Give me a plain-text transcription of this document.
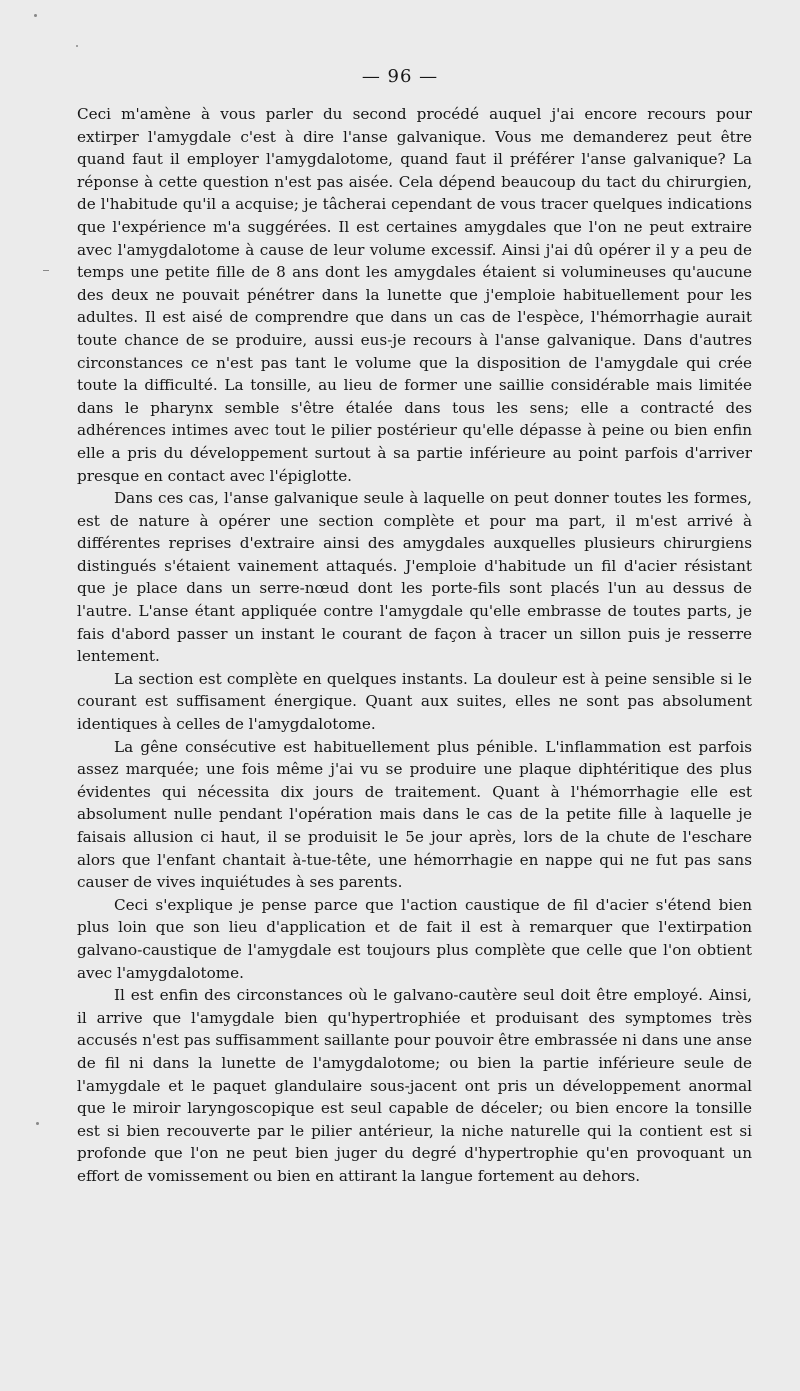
— 96 —

Ceci m'amène à vous parler du second procédé auquel j'ai encore recours pour extirper l'amygdale c'est à dire l'anse galvanique. Vous me demanderez peut être quand faut il employer l'amygdalotome, quand faut il préférer l'anse galvanique? La réponse à cette question n'est pas aisée. Cela dépend beaucoup du tact du chirurgien, de l'habitude qu'il a acquise; je tâcherai cependant de vous tracer quelques indications que l'expérience m'a suggérées. Il est certaines amygdales que l'on ne peut extraire avec l'amygdalotome à cause de leur volume excessif. Ainsi j'ai dû opérer il y a peu de temps une petite fille de 8 ans dont les amygdales étaient si volumineuses qu'aucune des deux ne pouvait pénétrer dans la lunette que j'emploie habituellement pour les adultes. Il est aisé de comprendre que dans un cas de l'espèce, l'hémorrhagie aurait toute chance de se produire, aussi eus-je recours à l'anse galvanique. Dans d'autres circonstances ce n'est pas tant le volume que la disposition de l'amygdale qui crée toute la difficulté. La tonsille, au lieu de former une saillie considérable mais limitée dans le pharynx semble s'être étalée dans tous les sens; elle a contracté des adhérences intimes avec tout le pilier postérieur qu'elle dépasse à peine ou bien enfin elle a pris du développement surtout à sa partie inférieure au point parfois d'arriver presque en contact avec l'épiglotte.

Dans ces cas, l'anse galvanique seule à laquelle on peut donner toutes les formes, est de nature à opérer une section complète et pour ma part, il m'est arrivé à différentes reprises d'extraire ainsi des amygdales auxquelles plusieurs chirurgiens distingués s'étaient vainement attaqués. J'emploie d'habitude un fil d'acier résistant que je place dans un serre-nœud dont les porte-fils sont placés l'un au dessus de l'autre. L'anse étant appliquée contre l'amygdale qu'elle embrasse de toutes parts, je fais d'abord passer un instant le courant de façon à tracer un sillon puis je resserre lentement.

La section est complète en quelques instants. La douleur est à peine sensible si le courant est suffisament énergique. Quant aux suites, elles ne sont pas absolument identiques à celles de l'amygdalotome.

La gêne consécutive est habituellement plus pénible. L'inflammation est parfois assez marquée; une fois même j'ai vu se produire une plaque diphtéritique des plus évidentes qui nécessita dix jours de traitement. Quant à l'hémorrhagie elle est absolument nulle pendant l'opération mais dans le cas de la petite fille à laquelle je faisais allusion ci haut, il se produisit le 5e jour après, lors de la chute de l'eschare alors que l'enfant chantait à-tue-tête, une hémorrhagie en nappe qui ne fut pas sans causer de vives inquiétudes à ses parents.

Ceci s'explique je pense parce que l'action caustique de fil d'acier s'étend bien plus loin que son lieu d'application et de fait il est à remarquer que l'extirpation galvano-caustique de l'amygdale est toujours plus complète que celle que l'on obtient avec l'amygdalotome.

Il est enfin des circonstances où le galvano-cautère seul doit être employé. Ainsi, il arrive que l'amygdale bien qu'hypertrophiée et produisant des symptomes très accusés n'est pas suffisamment saillante pour pouvoir être embrassée ni dans une anse de fil ni dans la lunette de l'amygdalotome; ou bien la partie inférieure seule de l'amygdale et le paquet glandulaire sous-jacent ont pris un développement anormal que le miroir laryngoscopique est seul capable de déceler; ou bien encore la tonsille est si bien recouverte par le pilier antérieur, la niche naturelle qui la contient est si profonde que l'on ne peut bien juger du degré d'hypertrophie qu'en provoquant un effort de vomissement ou bien en attirant la langue fortement au dehors.
